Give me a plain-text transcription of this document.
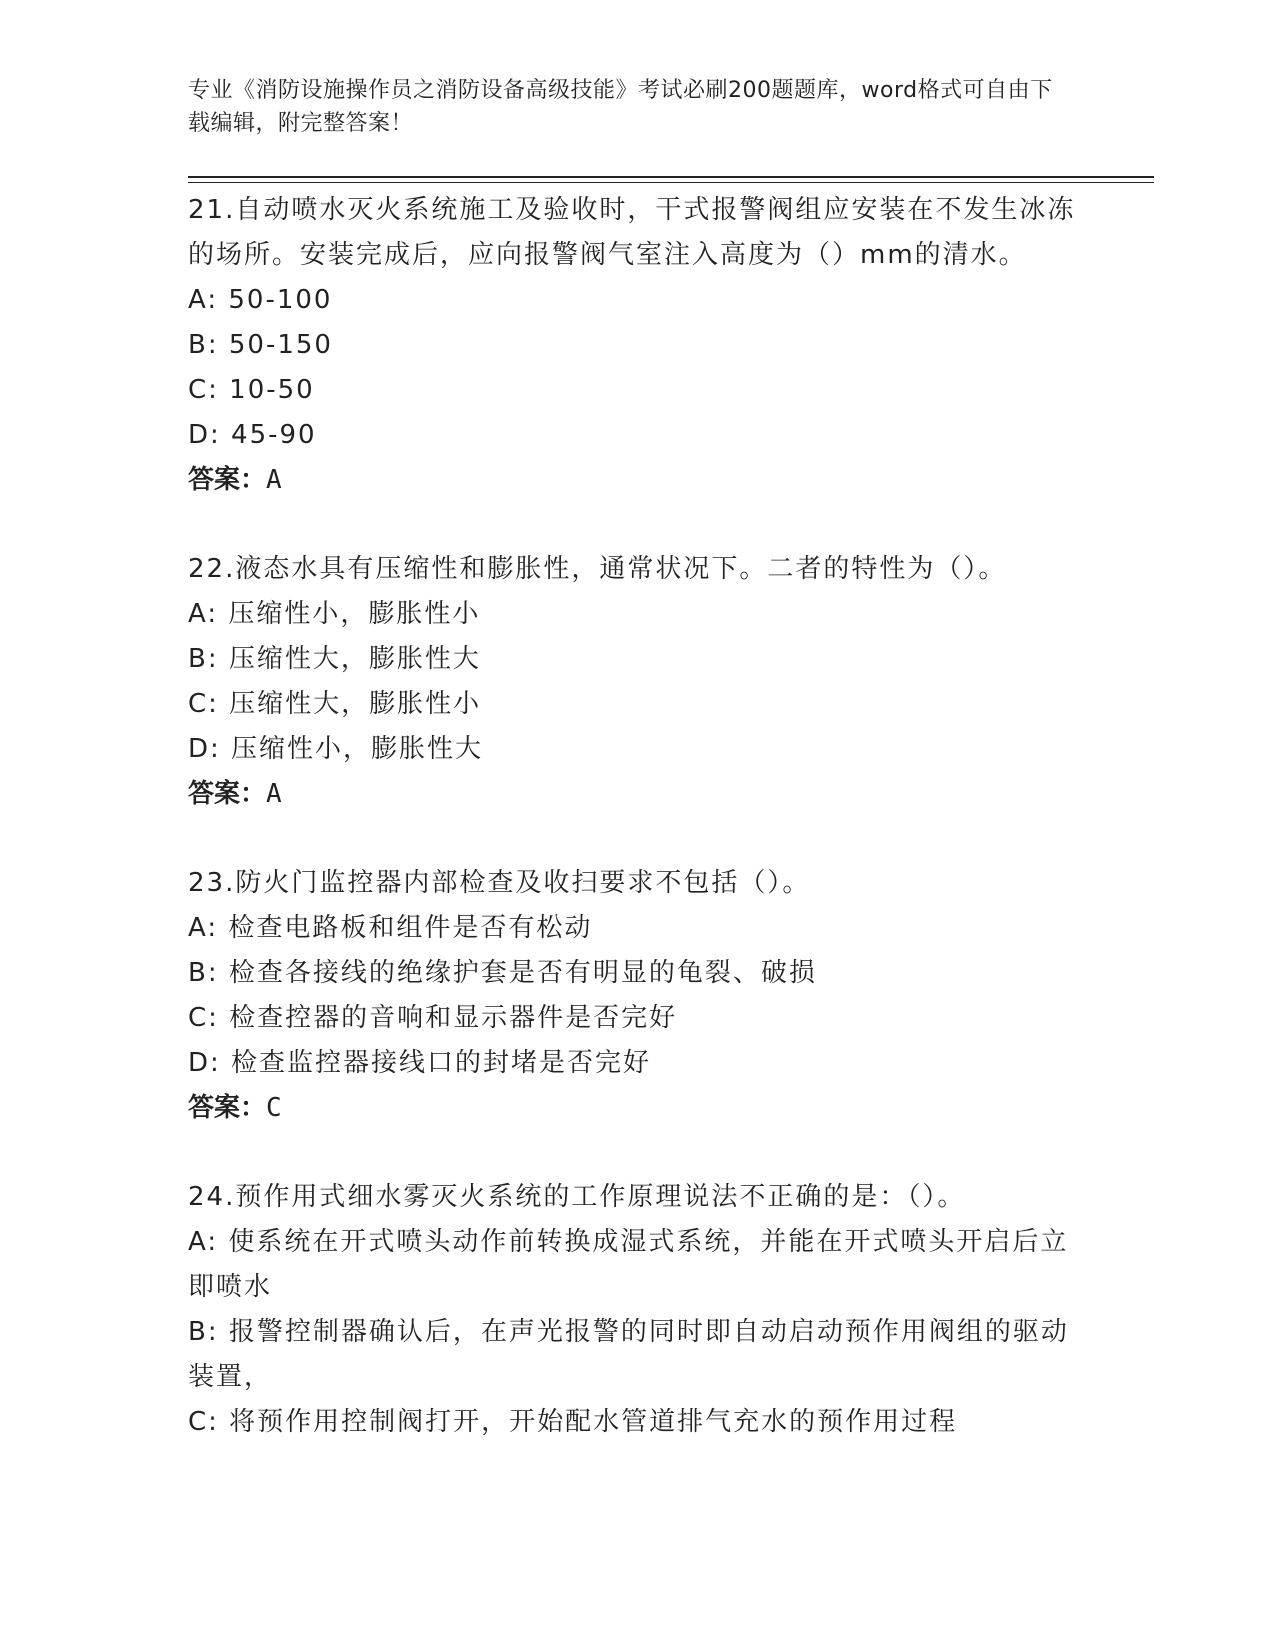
专业《消防设施操作员之消防设备高级技能》考试必刷200题题库，word格式可自由下载编辑，附完整答案！

21.自动喷水灭火系统施工及验收时，干式报警阀组应安装在不发生冰冻的场所。安装完成后，应向报警阀气室注入高度为（）mm的清水。

A: 50-100

B: 50-150

C: 10-50

D: 45-90

答案：A

22.液态水具有压缩性和膨胀性，通常状况下。二者的特性为（）。

A: 压缩性小，膨胀性小

B: 压缩性大，膨胀性大

C: 压缩性大，膨胀性小

D: 压缩性小，膨胀性大

答案：A

23.防火门监控器内部检查及收扫要求不包括（）。

A: 检查电路板和组件是否有松动

B: 检查各接线的绝缘护套是否有明显的龟裂、破损

C: 检查控器的音响和显示器件是否完好

D: 检查监控器接线口的封堵是否完好

答案：C

24.预作用式细水雾灭火系统的工作原理说法不正确的是：（）。

A: 使系统在开式喷头动作前转换成湿式系统，并能在开式喷头开启后立即喷水

B: 报警控制器确认后，在声光报警的同时即自动启动预作用阀组的驱动装置，

C: 将预作用控制阀打开，开始配水管道排气充水的预作用过程
